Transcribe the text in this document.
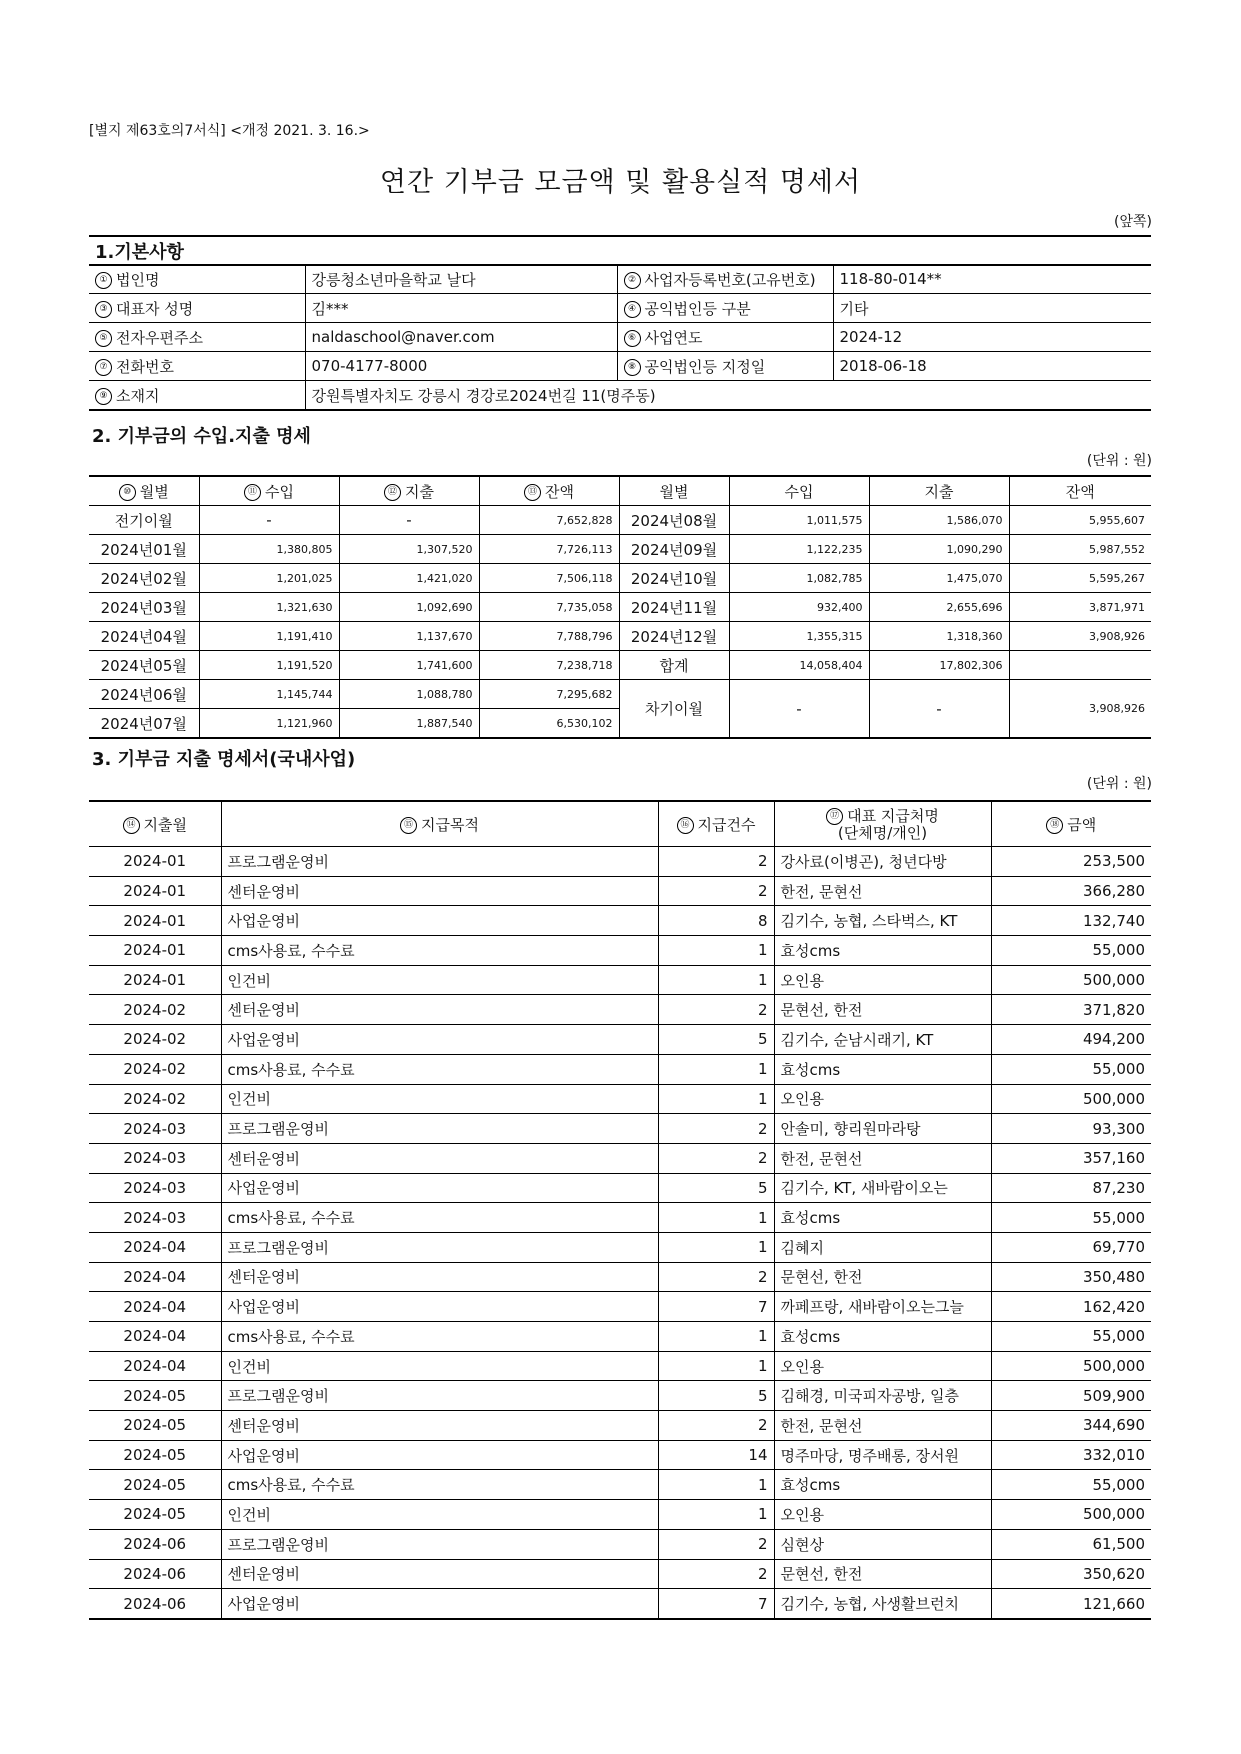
[별지 제63호의7서식] <개정 2021. 3. 16.>
연간 기부금 모금액 및 활용실적 명세서
(앞쪽)
1.기본사항
① 법인명	강릉청소년마을학교 날다	② 사업자등록번호(고유번호)	118-80-014**
③ 대표자 성명	김***	④ 공익법인등 구분	기타
⑤ 전자우편주소	naldaschool@naver.com	⑥ 사업연도	2024-12
⑦ 전화번호	070-4177-8000	⑧ 공익법인등 지정일	2018-06-18
⑨ 소재지	강원특별자치도 강릉시 경강로2024번길 11(명주동)		
2. 기부금의 수입.지출 명세
(단위 : 원)
⑩ 월별	⑪ 수입	⑫ 지출	⑬ 잔액	월별	수입	지출	잔액
전기이월	-	-	7,652,828	2024년08월	1,011,575	1,586,070	5,955,607
2024년01월	1,380,805	1,307,520	7,726,113	2024년09월	1,122,235	1,090,290	5,987,552
2024년02월	1,201,025	1,421,020	7,506,118	2024년10월	1,082,785	1,475,070	5,595,267
2024년03월	1,321,630	1,092,690	7,735,058	2024년11월	932,400	2,655,696	3,871,971
2024년04월	1,191,410	1,137,670	7,788,796	2024년12월	1,355,315	1,318,360	3,908,926
2024년05월	1,191,520	1,741,600	7,238,718	합계	14,058,404	17,802,306	
2024년06월	1,145,744	1,088,780	7,295,682	차기이월	-	-	3,908,926
2024년07월	1,121,960	1,887,540	6,530,102				
3. 기부금 지출 명세서(국내사업)
(단위 : 원)
⑭ 지출월	⑮ 지급목적	⑯ 지급건수	⑰ 대표 지급처명
(단체명/개인)	⑱ 금액
2024-01	프로그램운영비	2	강사료(이병곤), 청년다방	253,500
2024-01	센터운영비	2	한전, 문현선	366,280
2024-01	사업운영비	8	김기수, 농협, 스타벅스, KT	132,740
2024-01	cms사용료, 수수료	1	효성cms	55,000
2024-01	인건비	1	오인용	500,000
2024-02	센터운영비	2	문현선, 한전	371,820
2024-02	사업운영비	5	김기수, 순남시래기, KT	494,200
2024-02	cms사용료, 수수료	1	효성cms	55,000
2024-02	인건비	1	오인용	500,000
2024-03	프로그램운영비	2	안솔미, 향리원마라탕	93,300
2024-03	센터운영비	2	한전, 문현선	357,160
2024-03	사업운영비	5	김기수, KT, 새바람이오는	87,230
2024-03	cms사용료, 수수료	1	효성cms	55,000
2024-04	프로그램운영비	1	김혜지	69,770
2024-04	센터운영비	2	문현선, 한전	350,480
2024-04	사업운영비	7	까페프랑, 새바람이오는그늘	162,420
2024-04	cms사용료, 수수료	1	효성cms	55,000
2024-04	인건비	1	오인용	500,000
2024-05	프로그램운영비	5	김해경, 미국피자공방, 일층	509,900
2024-05	센터운영비	2	한전, 문현선	344,690
2024-05	사업운영비	14	명주마당, 명주배롱, 장서원	332,010
2024-05	cms사용료, 수수료	1	효성cms	55,000
2024-05	인건비	1	오인용	500,000
2024-06	프로그램운영비	2	심현상	61,500
2024-06	센터운영비	2	문현선, 한전	350,620
2024-06	사업운영비	7	김기수, 농협, 사생활브런치	121,660
